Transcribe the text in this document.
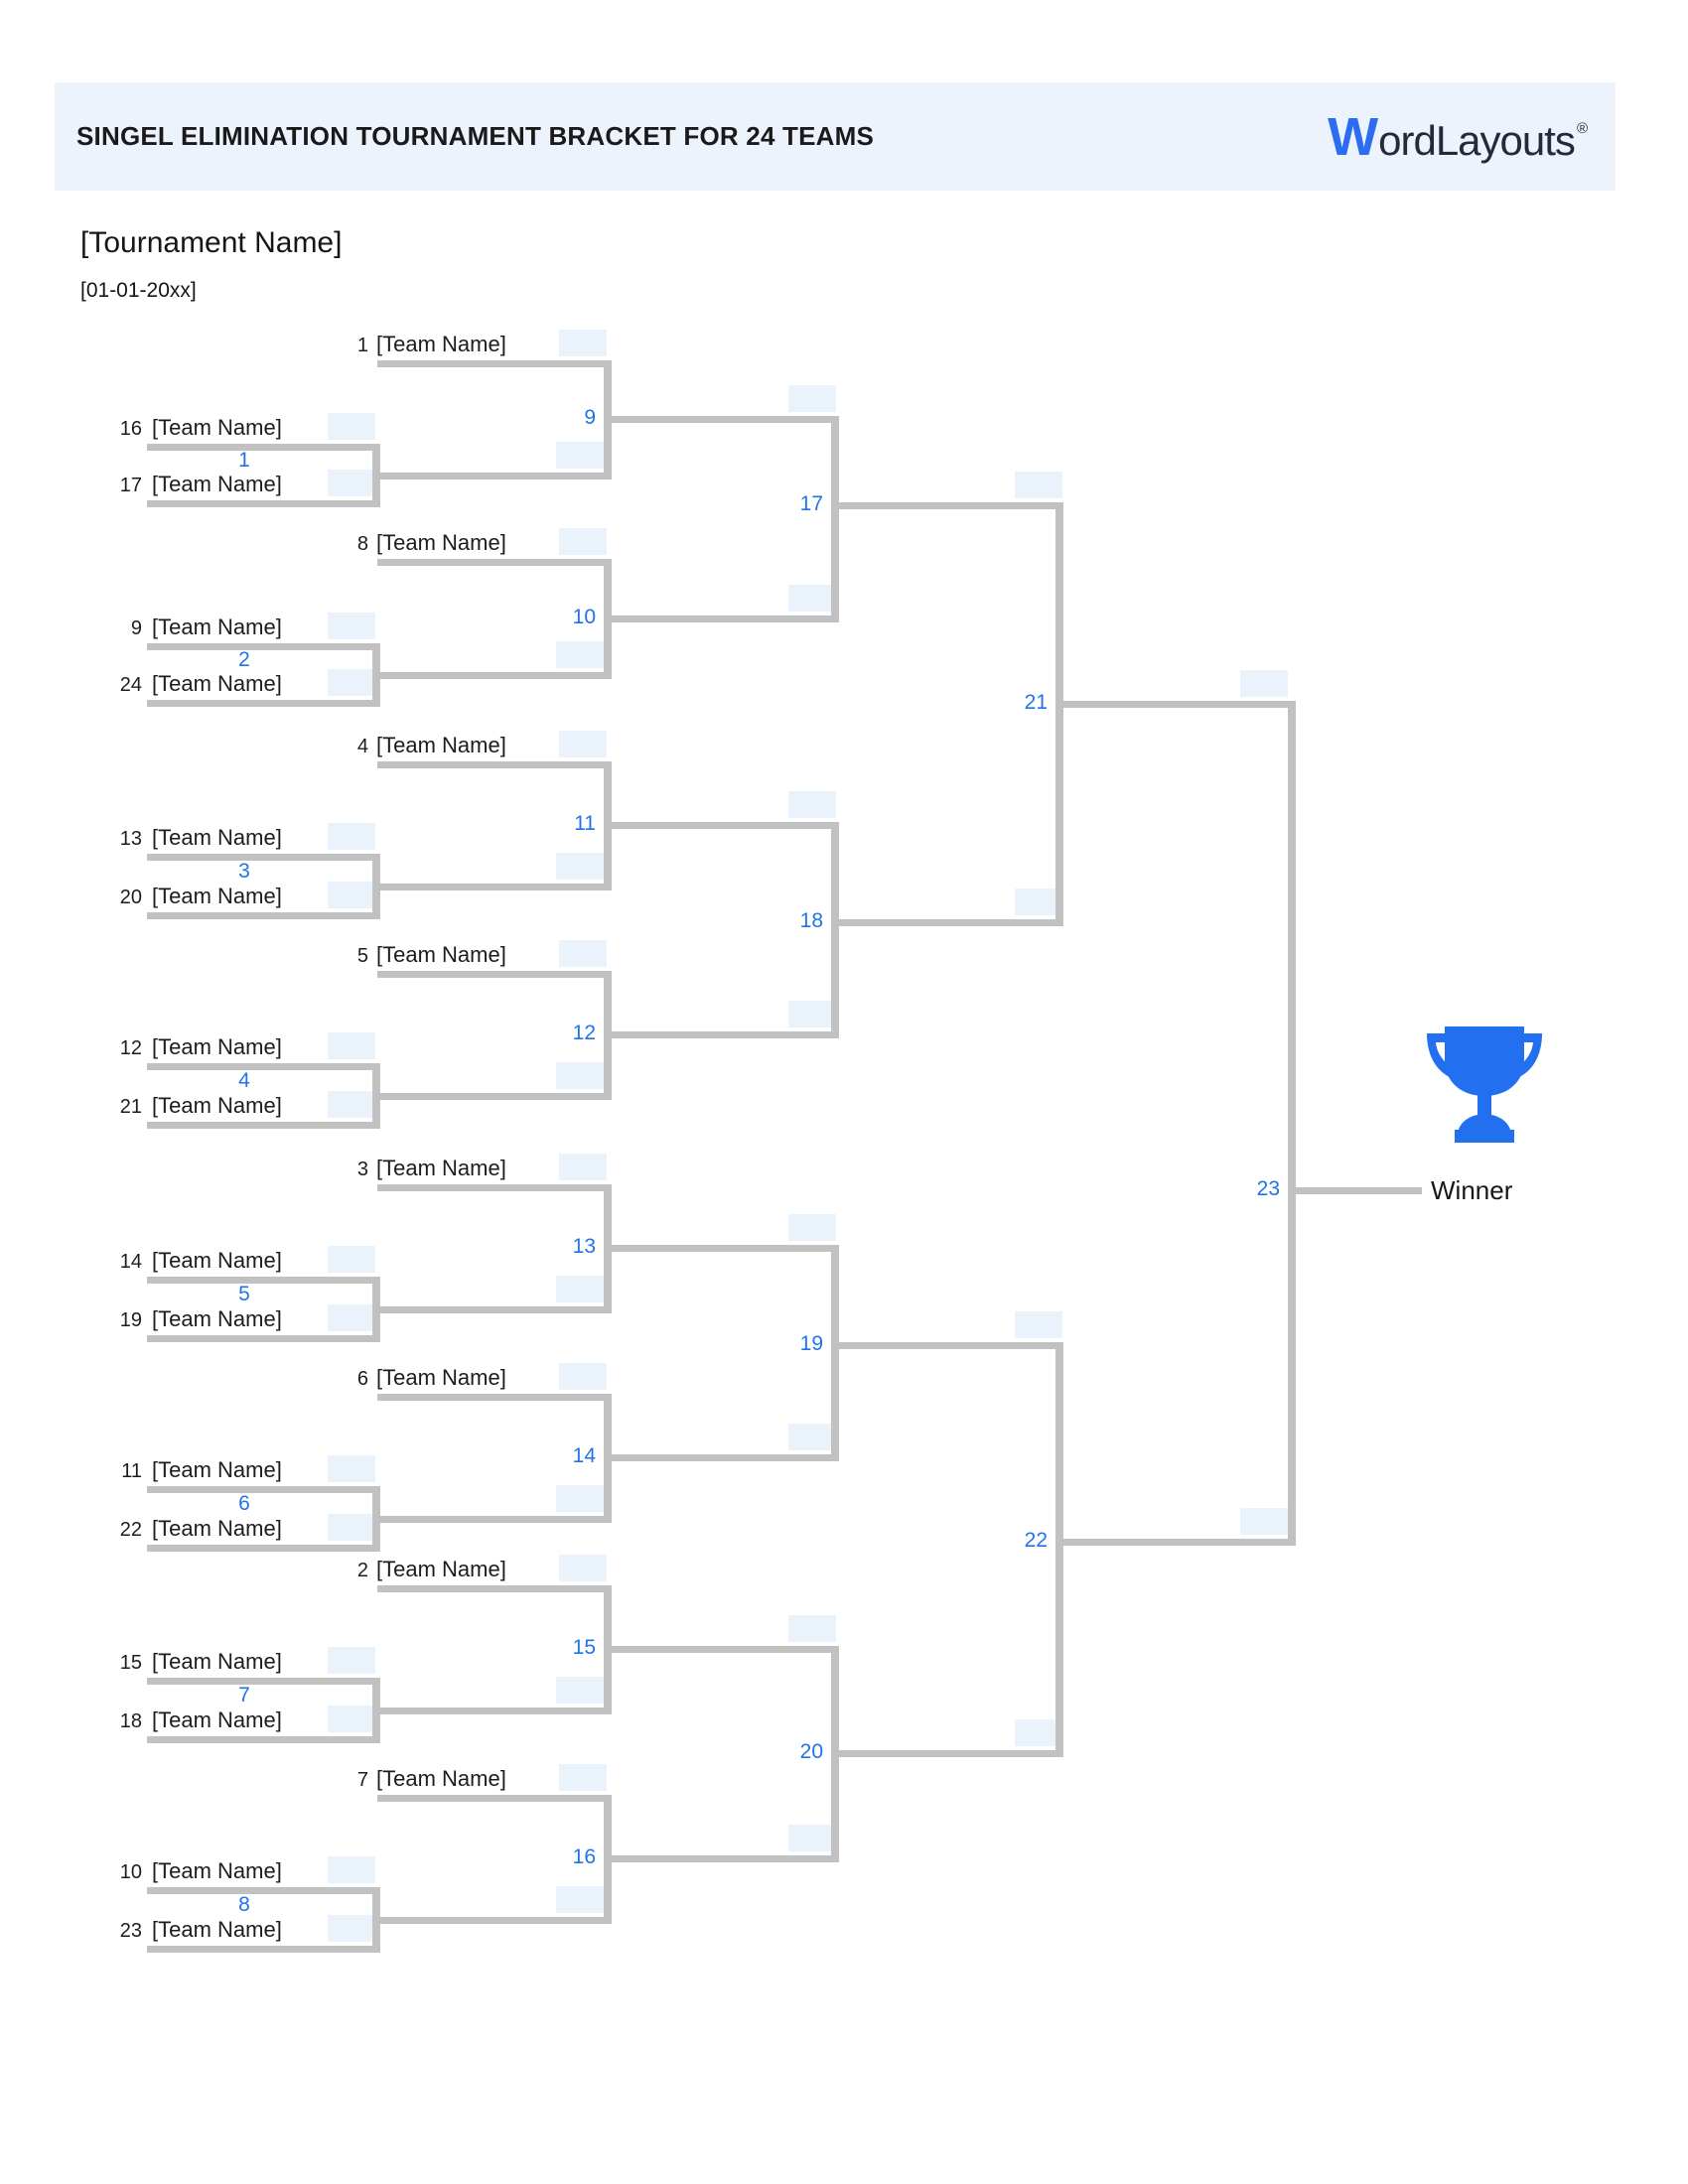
SINGEL ELIMINATION TOURNAMENT BRACKET FOR 24 TEAMS	W ordLayouts ®
[Tournament Name]
[01-01-20xx]
1 [Team Name]
16 [Team Name]
17 [Team Name]
1
8 [Team Name]
9 [Team Name]
24 [Team Name]
2
9
10
17
4 [Team Name]
13 [Team Name]
20 [Team Name]
3
5 [Team Name]
12 [Team Name]
21 [Team Name]
4
11
12
18
3 [Team Name]
14 [Team Name]
19 [Team Name]
5
6 [Team Name]
11 [Team Name]
22 [Team Name]
6
13
14
19
2 [Team Name]
15 [Team Name]
18 [Team Name]
7
7 [Team Name]
10 [Team Name]
23 [Team Name]
8
15
16
20
21
22
23	Winner
